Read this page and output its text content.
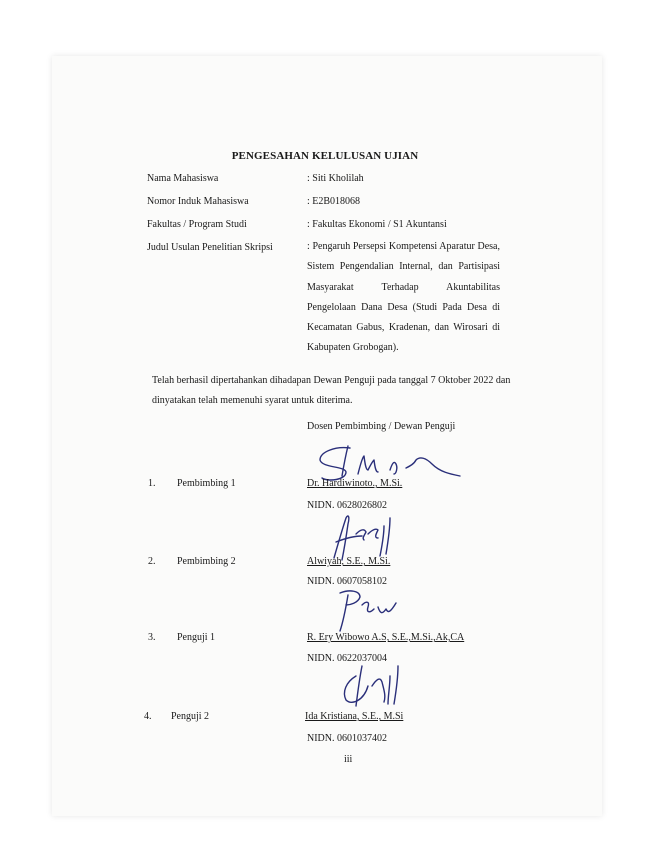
PENGESAHAN KELULUSAN UJIAN
Nama Mahasiswa	: Siti Kholilah
Nomor Induk Mahasiswa	: E2B018068
Fakultas / Program Studi	: Fakultas Ekonomi / S1 Akuntansi
Judul Usulan Penelitian Skripsi	: Pengaruh Persepsi Kompetensi Aparatur Desa, Sistem Pengendalian Internal, dan Partisipasi Masyarakat Terhadap Akuntabilitas Pengelolaan Dana Desa (Studi Pada Desa di Kecamatan Gabus, Kradenan, dan Wirosari di Kabupaten Grobogan).
Telah berhasil dipertahankan dihadapan Dewan Penguji pada tanggal 7 Oktober 2022 dan dinyatakan telah memenuhi syarat untuk diterima.
Dosen Pembimbing / Dewan Penguji
1. Pembimbing 1	Dr. Hardiwinoto., M.Si.
NIDN. 0628026802
2. Pembimbing 2	Alwiyah, S.E., M.Si.
NIDN. 0607058102
3. Penguji 1	R. Ery Wibowo A.S, S.E.,M.Si.,Ak,CA
NIDN. 0622037004
4. Penguji 2	Ida Kristiana, S.E., M.Si
NIDN. 0601037402
iii
